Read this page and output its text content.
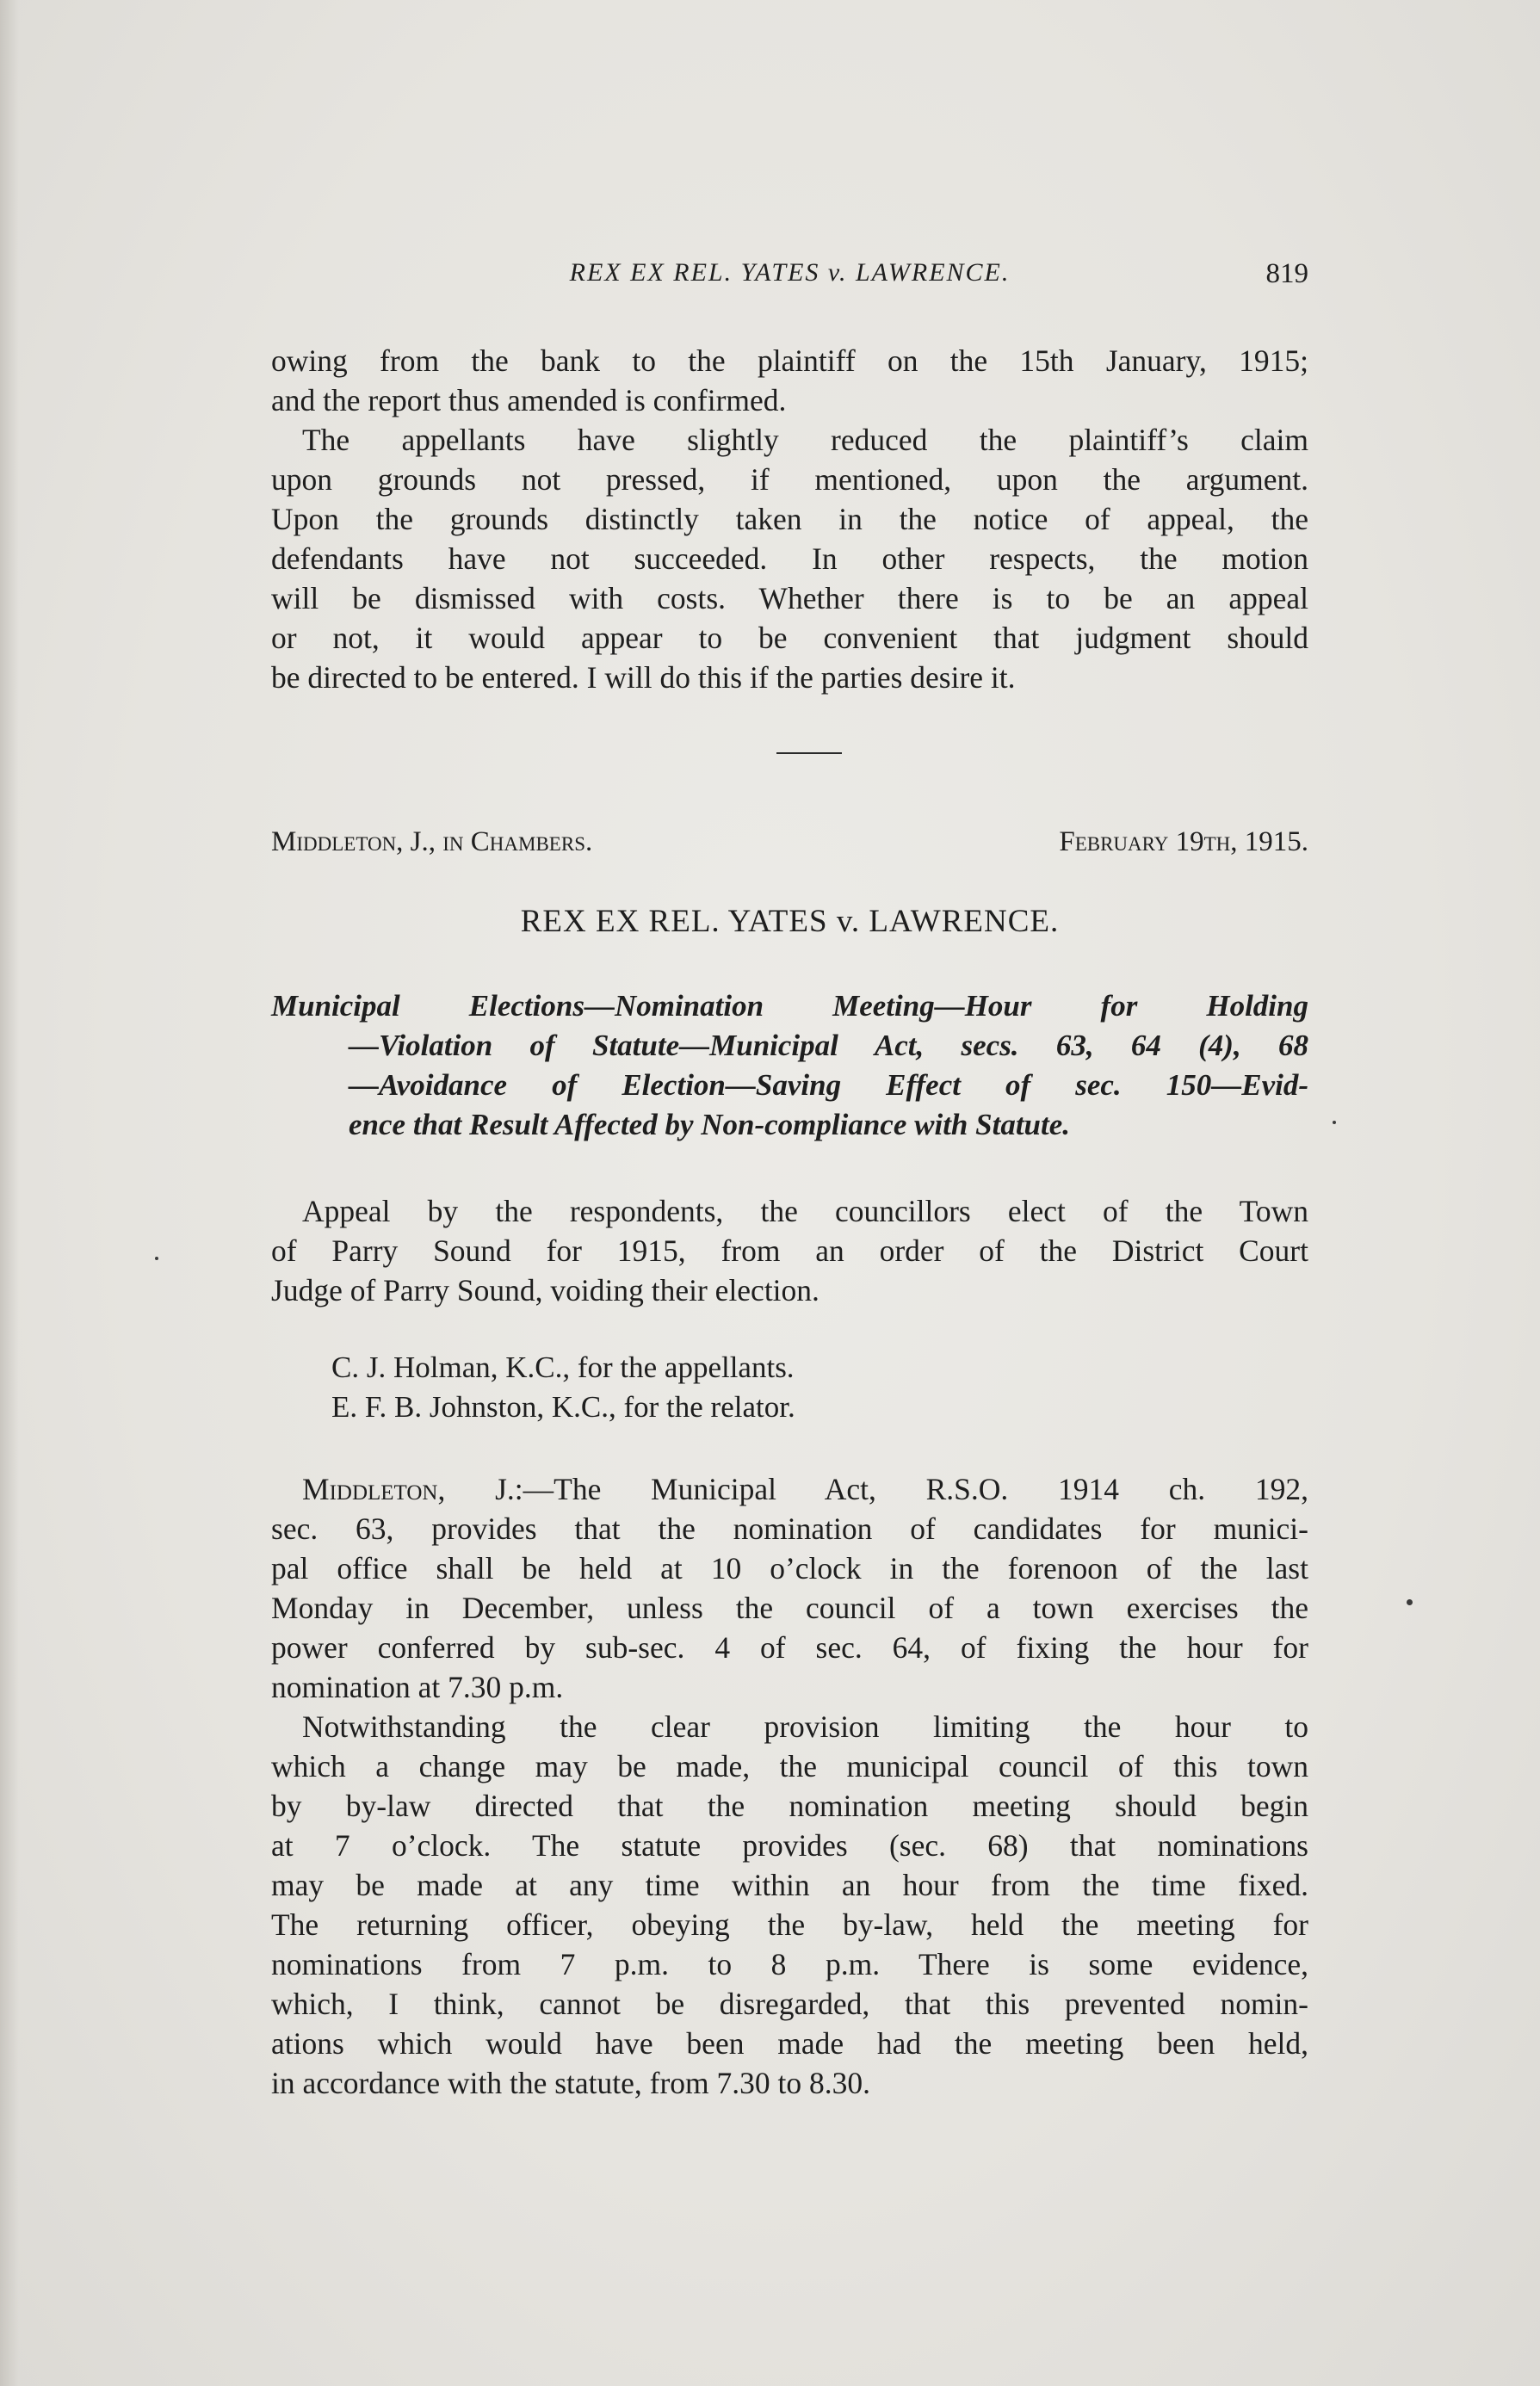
REX EX REL. YATES v. LAWRENCE.	819

owing from the bank to the plaintiff on the 15th January, 1915;

and the report thus amended is confirmed.

The appellants have slightly reduced the plaintiff’s claim

upon grounds not pressed, if mentioned, upon the argument.

Upon the grounds distinctly taken in the notice of appeal, the

defendants have not succeeded. In other respects, the motion

will be dismissed with costs. Whether there is to be an appeal

or not, it would appear to be convenient that judgment should

be directed to be entered. I will do this if the parties desire it.

Middleton, J., in Chambers.	February 19th, 1915.
REX EX REL. YATES v. LAWRENCE.
Municipal Elections—Nomination Meeting—Hour for Holding
—Violation of Statute—Municipal Act, secs. 63, 64 (4), 68
—Avoidance of Election—Saving Effect of sec. 150—Evid-
ence that Result Affected by Non-compliance with Statute.

Appeal by the respondents, the councillors elect of the Town

of Parry Sound for 1915, from an order of the District Court

Judge of Parry Sound, voiding their election.

C. J. Holman, K.C., for the appellants.
E. F. B. Johnston, K.C., for the relator.

Middleton, J.:—The Municipal Act, R.S.O. 1914 ch. 192,

sec. 63, provides that the nomination of candidates for munici-

pal office shall be held at 10 o’clock in the forenoon of the last

Monday in December, unless the council of a town exercises the

power conferred by sub-sec. 4 of sec. 64, of fixing the hour for

nomination at 7.30 p.m.

Notwithstanding the clear provision limiting the hour to

which a change may be made, the municipal council of this town

by by-law directed that the nomination meeting should begin

at 7 o’clock. The statute provides (sec. 68) that nominations

may be made at any time within an hour from the time fixed.

The returning officer, obeying the by-law, held the meeting for

nominations from 7 p.m. to 8 p.m. There is some evidence,

which, I think, cannot be disregarded, that this prevented nomin-

ations which would have been made had the meeting been held,

in accordance with the statute, from 7.30 to 8.30.
